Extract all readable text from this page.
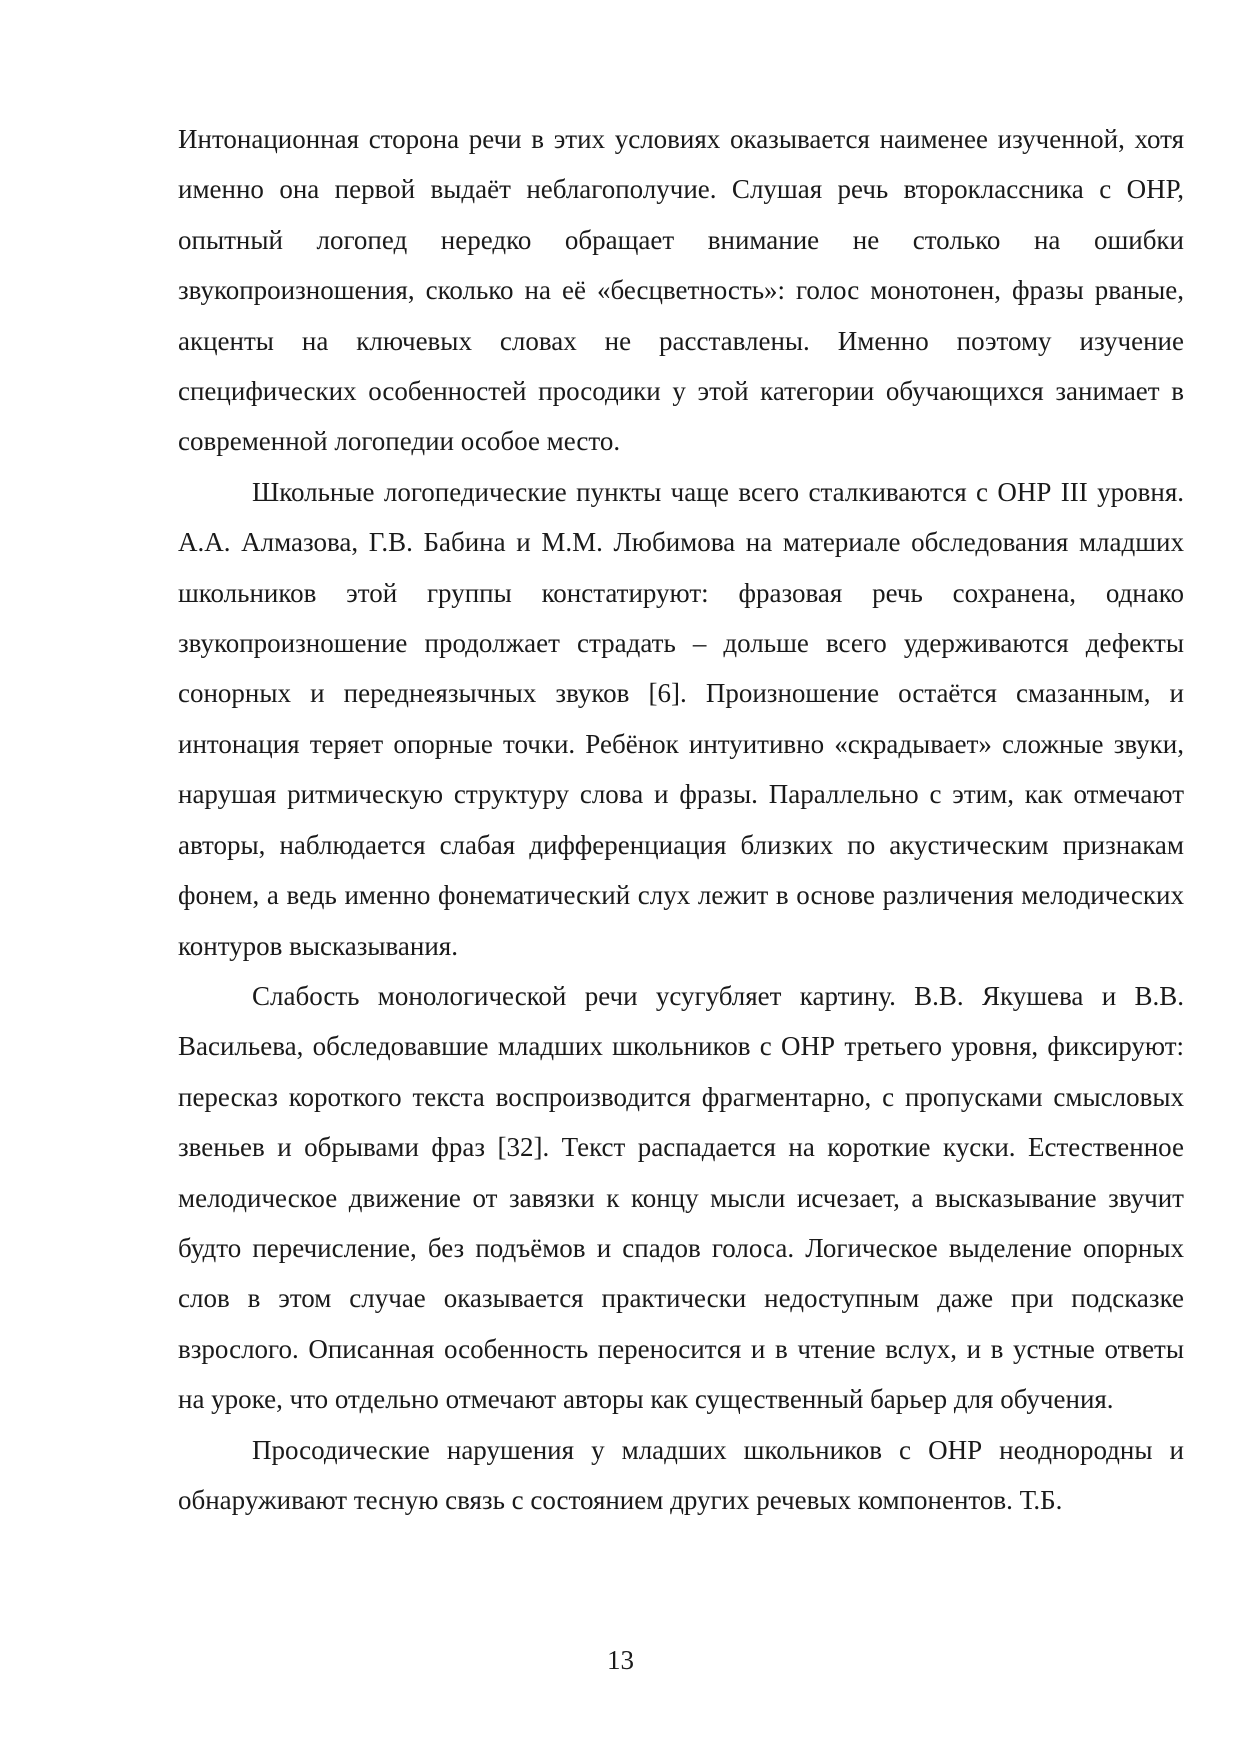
Интонационная сторона речи в этих условиях оказывается наименее изученной, хотя именно она первой выдаёт неблагополучие. Слушая речь второклассника с ОНР, опытный логопед нередко обращает внимание не столько на ошибки звукопроизношения, сколько на её «бесцветность»: голос монотонен, фразы рваные, акценты на ключевых словах не расставлены. Именно поэтому изучение специфических особенностей просодики у этой категории обучающихся занимает в современной логопедии особое место.

Школьные логопедические пункты чаще всего сталкиваются с ОНР III уровня. А.А. Алмазова, Г.В. Бабина и М.М. Любимова на материале обследования младших школьников этой группы констатируют: фразовая речь сохранена, однако звукопроизношение продолжает страдать – дольше всего удерживаются дефекты сонорных и переднеязычных звуков [6]. Произношение остаётся смазанным, и интонация теряет опорные точки. Ребёнок интуитивно «скрадывает» сложные звуки, нарушая ритмическую структуру слова и фразы. Параллельно с этим, как отмечают авторы, наблюдается слабая дифференциация близких по акустическим признакам фонем, а ведь именно фонематический слух лежит в основе различения мелодических контуров высказывания.

Слабость монологической речи усугубляет картину. В.В. Якушева и В.В. Васильева, обследовавшие младших школьников с ОНР третьего уровня, фиксируют: пересказ короткого текста воспроизводится фрагментарно, с пропусками смысловых звеньев и обрывами фраз [32]. Текст распадается на короткие куски. Естественное мелодическое движение от завязки к концу мысли исчезает, а высказывание звучит будто перечисление, без подъёмов и спадов голоса. Логическое выделение опорных слов в этом случае оказывается практически недоступным даже при подсказке взрослого. Описанная особенность переносится и в чтение вслух, и в устные ответы на уроке, что отдельно отмечают авторы как существенный барьер для обучения.

Просодические нарушения у младших школьников с ОНР неоднородны и обнаруживают тесную связь с состоянием других речевых компонентов. Т.Б.

13
